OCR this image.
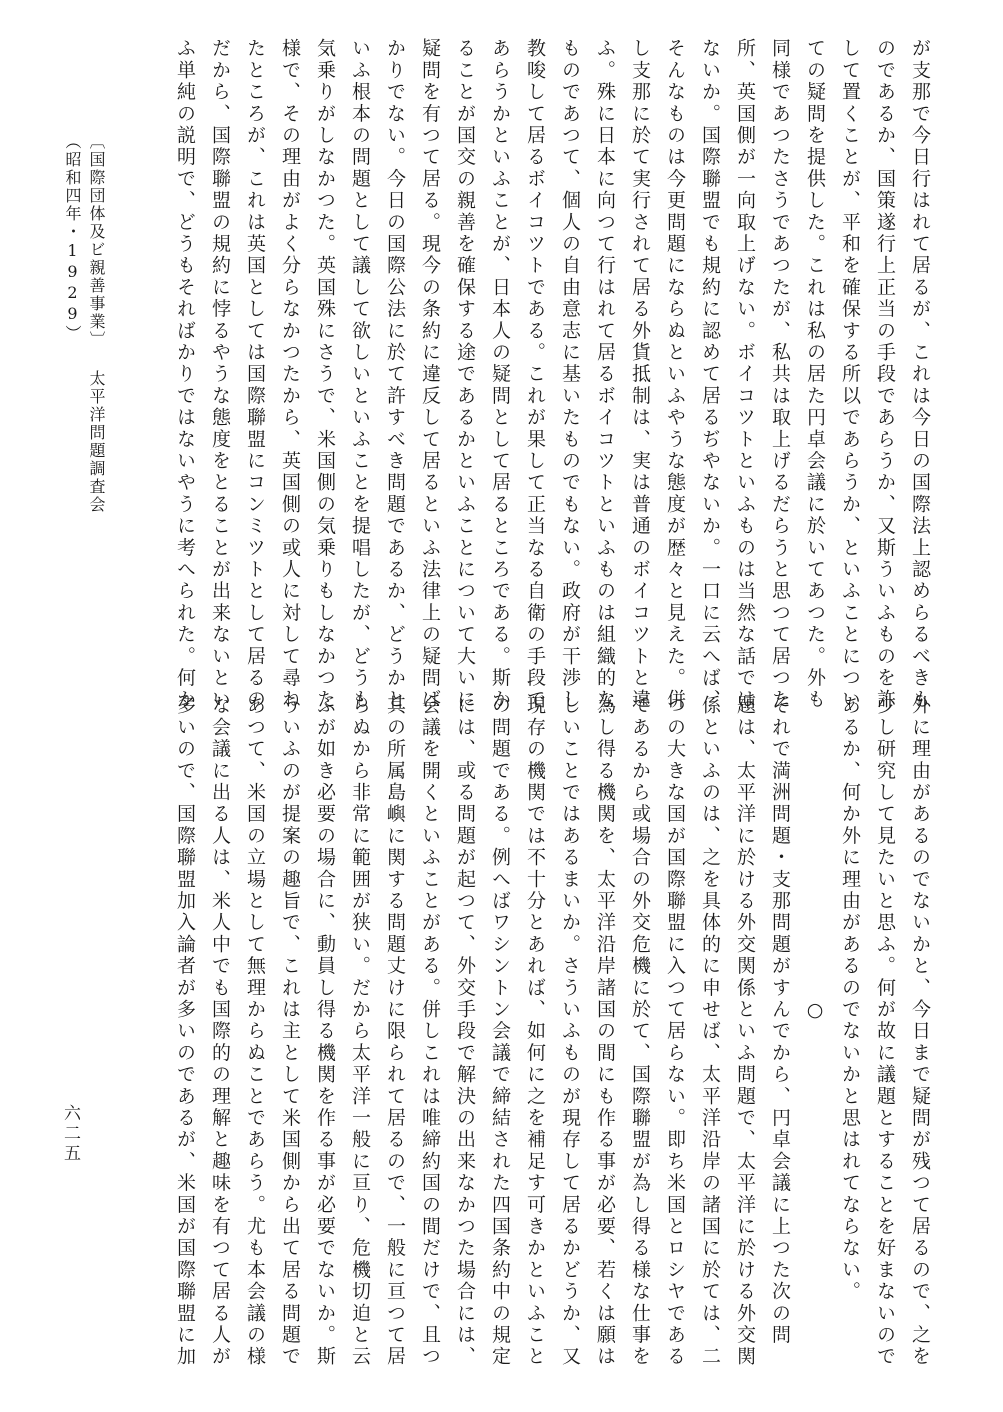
が支那で今日行はれて居るが、これは今日の国際法上認めらるべきも
のであるか、国策遂行上正当の手段であらうか、又斯ういふものを許
して置くことが、平和を確保する所以であらうか、といふことについ
ての疑問を提供した。これは私の居た円卓会議に於いてあつた。外も
同様であつたさうであつたが、私共は取上げるだらうと思つて居つた
所、英国側が一向取上げない。ボイコツトといふものは当然な話では
ないか。国際聯盟でも規約に認めて居るぢやないか。一口に云へば、
そんなものは今更問題にならぬといふやうな態度が歴々と見えた。併
し支那に於て実行されて居る外貨抵制は、実は普通のボイコツトと違
ふ。殊に日本に向つて行はれて居るボイコツトといふものは組織的な
ものであつて、個人の自由意志に基いたものでもない。政府が干渉し
教唆して居るボイコツトである。これが果して正当なる自衛の手段で
あらうかといふことが、日本人の疑問として居るところである。斯か
ることが国交の親善を確保する途であるかといふことについて大いに
疑問を有つて居る。現今の条約に違反して居るといふ法律上の疑問ば
かりでない。今日の国際公法に於て許すべき問題であるか、どうかと
いふ根本の問題として議して欲しいといふことを提唱したが、どうも
気乗りがしなかつた。英国殊にさうで、米国側の気乗りもしなかつた
様で、その理由がよく分らなかつたから、英国側の或人に対して尋ね
たところが、これは英国としては国際聯盟にコンミツトとして居るの
だから、国際聯盟の規約に悖るやうな態度をとることが出来ないとい
ふ単純の説明で、どうもそればかりではないやうに考へられた。何か
外に理由があるのでないかと、今日まで疑問が残つて居るので、之を
少し研究して見たいと思ふ。何が故に議題とすることを好まないので
あるか、何か外に理由があるのでないかと思はれてならない。
○
それで満洲問題・支那問題がすんでから、円卓会議に上つた次の問
題は、太平洋に於ける外交関係といふ問題で、太平洋に於ける外交関
係といふのは、之を具体的に申せば、太平洋沿岸の諸国に於ては、二
つの大きな国が国際聯盟に入つて居らない。即ち米国とロシヤである
であるから或場合の外交危機に於て、国際聯盟が為し得る様な仕事を
為し得る機関を、太平洋沿岸諸国の間にも作る事が必要、若くは願は
しいことではあるまいか。さういふものが現存して居るかどうか、又
現存の機関では不十分とあれば、如何に之を補足す可きかといふこと
の問題である。例へばワシントン会議で締結された四国条約中の規定
には、或る問題が起つて、外交手段で解決の出来なかつた場合には、
会議を開くといふことがある。併しこれは唯締約国の間だけで、且つ
其の所属島嶼に関する問題丈けに限られて居るので、一般に亘つて居
らぬから非常に範囲が狭い。だから太平洋一般に亘り、危機切迫と云
ふが如き必要の場合に、動員し得る機関を作る事が必要でないか。斯
ういふのが提案の趣旨で、これは主として米国側から出て居る問題で
あつて、米国の立場として無理からぬことであらう。尤も本会議の様
な会議に出る人は、米人中でも国際的の理解と趣味を有つて居る人が
多いので、国際聯盟加入論者が多いのであるが、米国が国際聯盟に加
〔国際団体及ビ親善事業〕 太平洋問題調査会 （昭和四年・1929）
六二五
